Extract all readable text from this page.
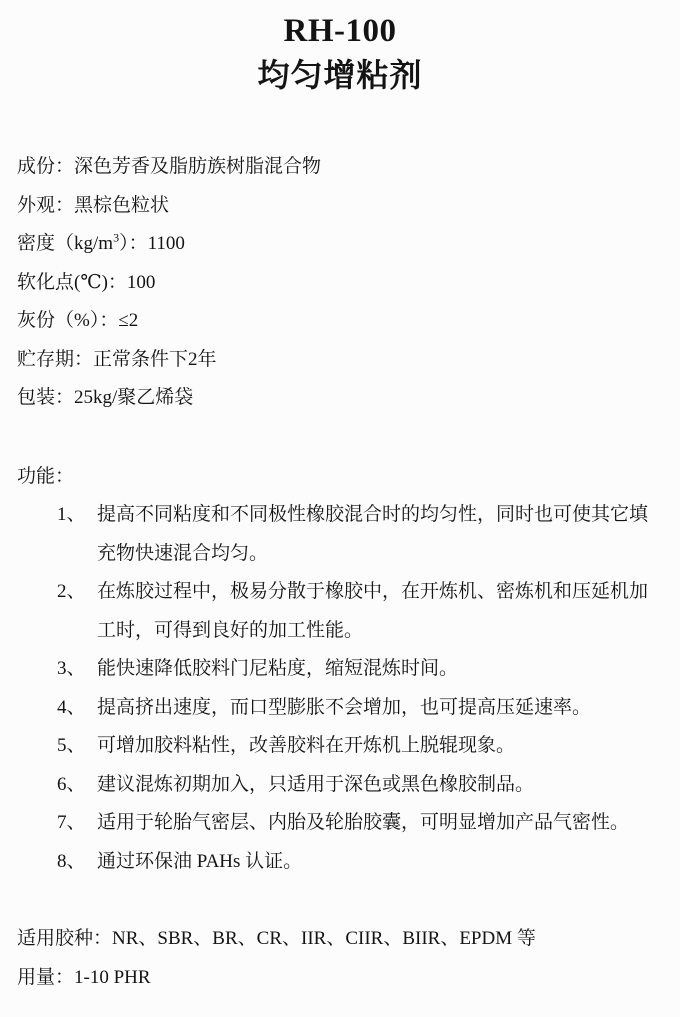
RH-100
均匀增粘剂
成份：深色芳香及脂肪族树脂混合物
外观：黑棕色粒状
密度$(kg/m^3)$：1100
软化点(℃)：100
灰份（%）：≤2
贮存期：正常条件下2年
包装：25kg/聚乙烯袋
功能：
1、 提高不同粘度和不同极性橡胶混合时的均匀性，同时也可使其它填充物快速混合均匀。
2、 在炼胶过程中，极易分散于橡胶中，在开炼机、密炼机和压延机加工时，可得到良好的加工性能。
3、 能快速降低胶料门尼粘度，缩短混炼时间。
4、 提高挤出速度，而口型膨胀不会增加，也可提高压延速率。
5、 可增加胶料粘性，改善胶料在开炼机上脱辊现象。
6、 建议混炼初期加入，只适用于深色或黑色橡胶制品。
7、 适用于轮胎气密层、内胎及轮胎胶囊，可明显增加产品气密性。
8、 通过环保油 PAHs 认证。
适用胶种：NR、SBR、BR、CR、IIR、CIIR、BIIR、EPDM 等
用量：1-10 PHR
